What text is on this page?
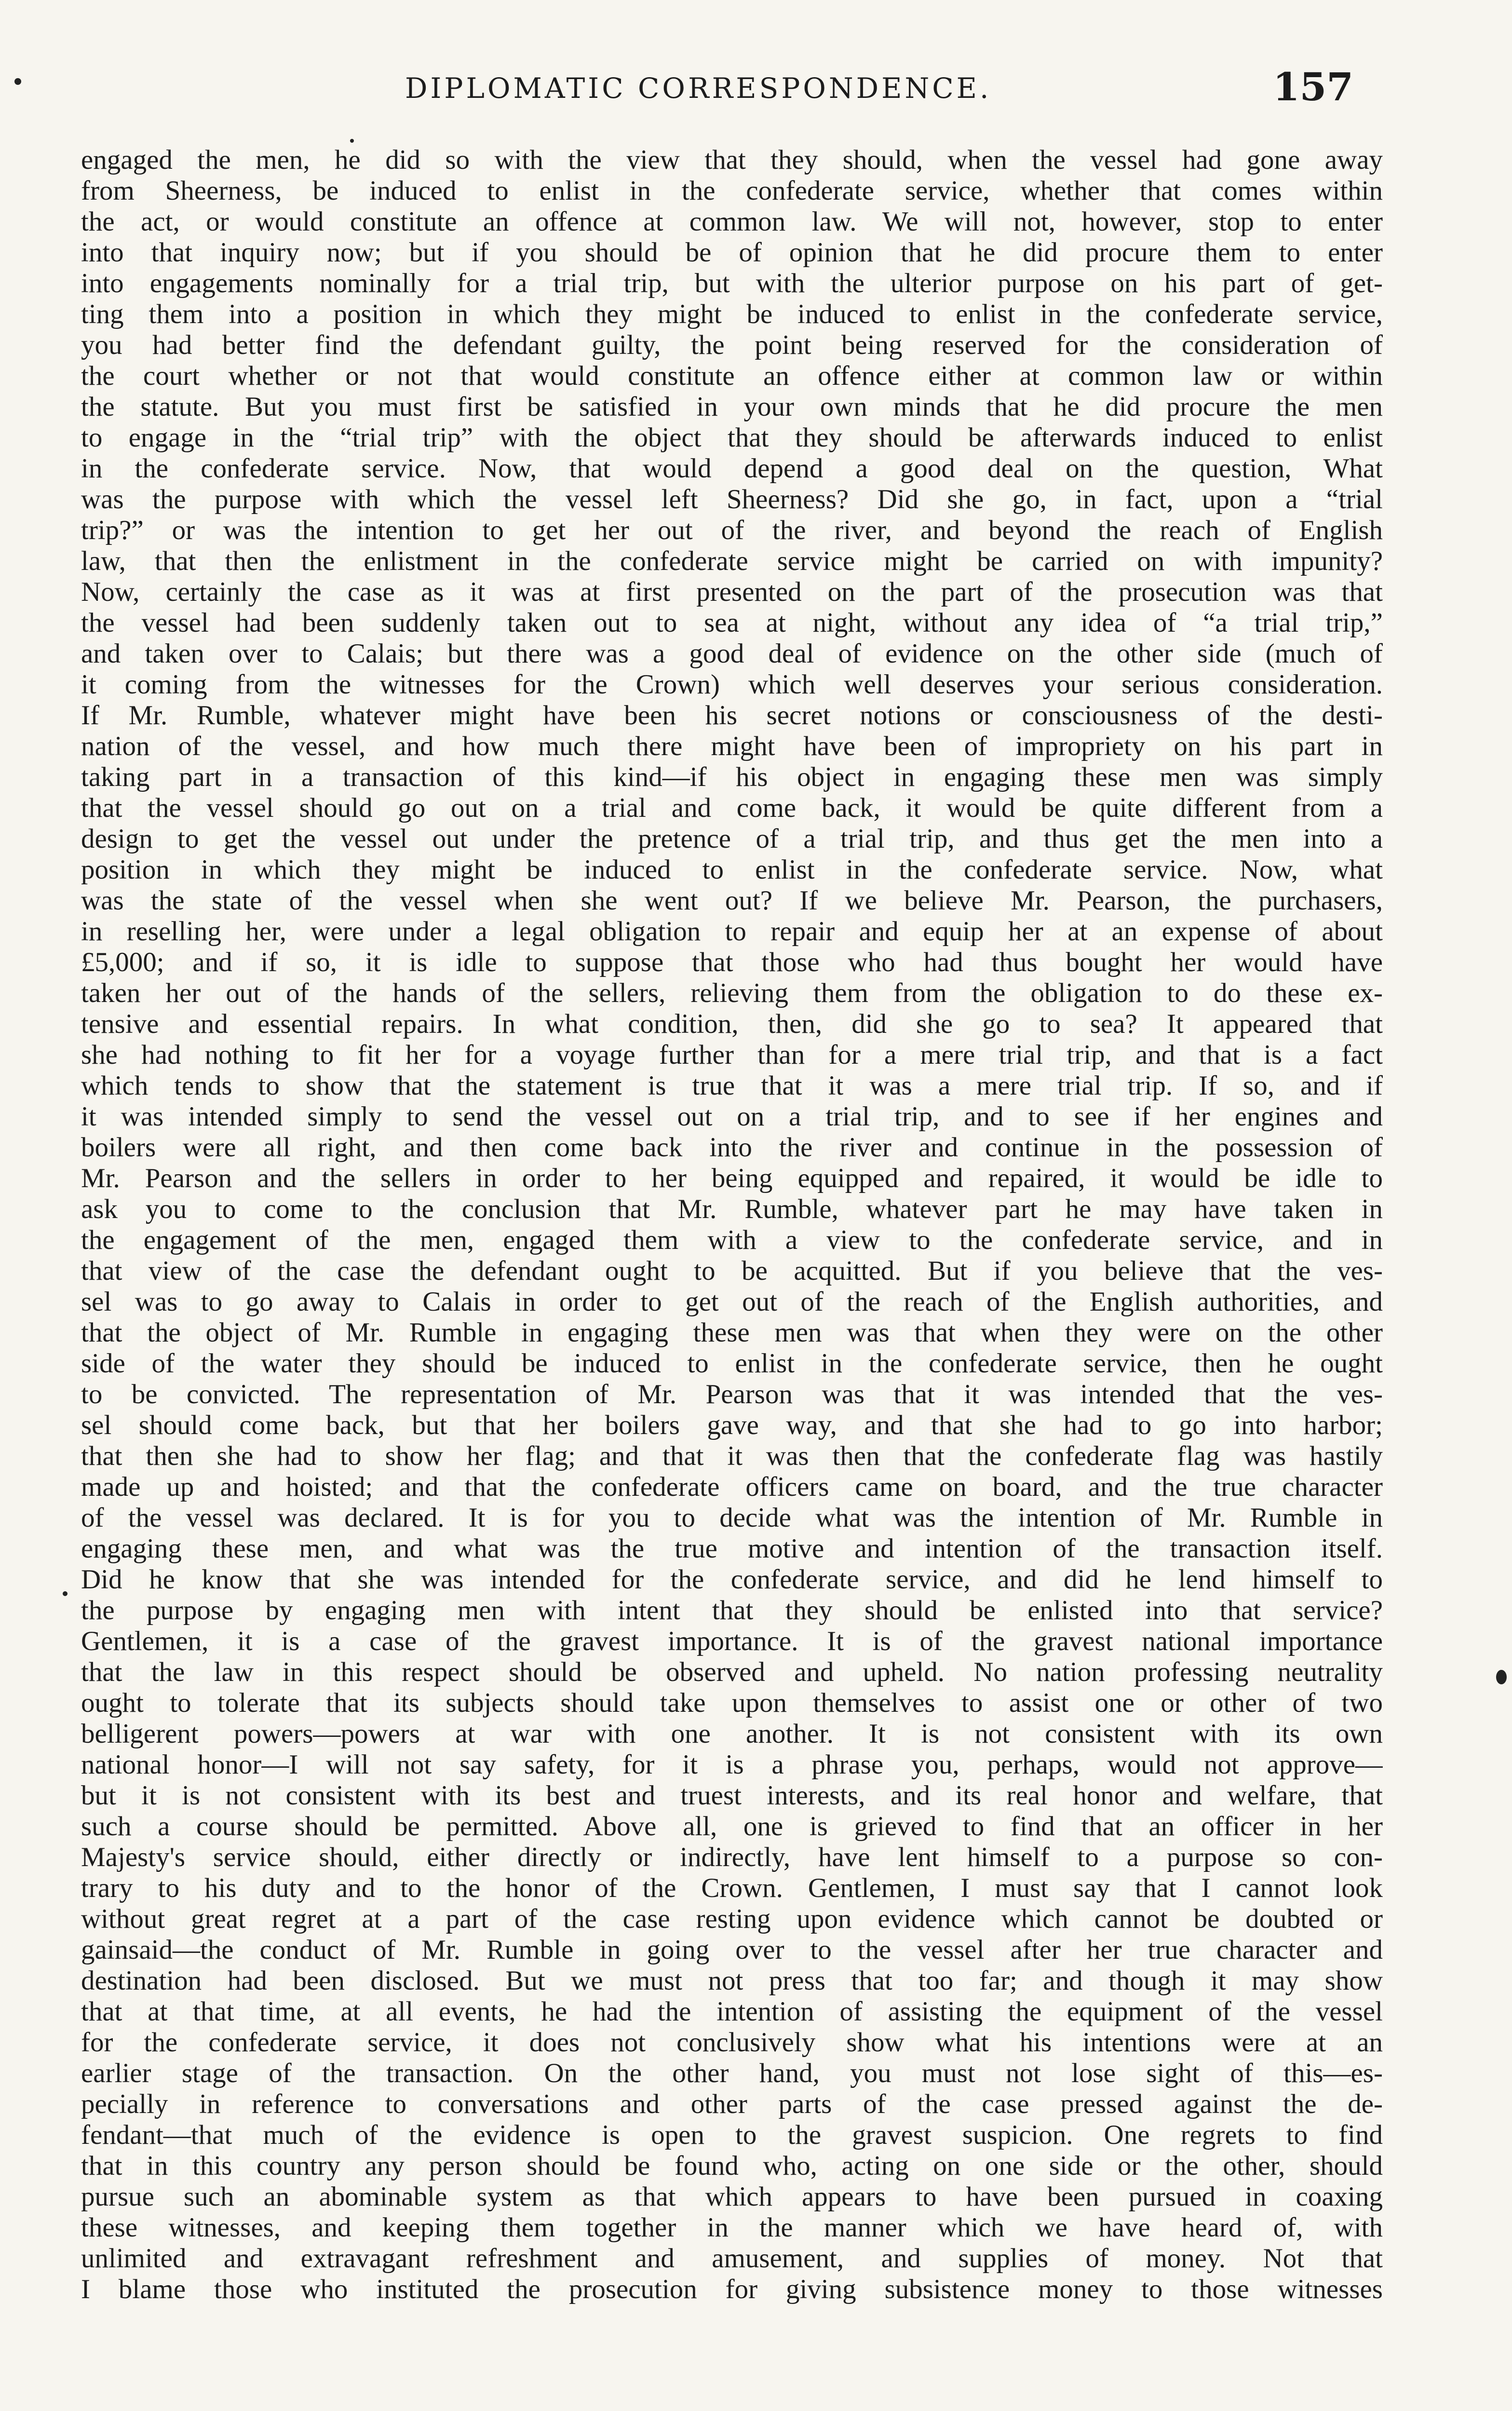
DIPLOMATIC CORRESPONDENCE.	157
engaged the men, he did so with the view that they should, when the vessel had gone away
from Sheerness, be induced to enlist in the confederate service, whether that comes within
the act, or would constitute an offence at common law. We will not, however, stop to enter
into that inquiry now; but if you should be of opinion that he did procure them to enter
into engagements nominally for a trial trip, but with the ulterior purpose on his part of get-
ting them into a position in which they might be induced to enlist in the confederate service,
you had better find the defendant guilty, the point being reserved for the consideration of
the court whether or not that would constitute an offence either at common law or within
the statute. But you must first be satisfied in your own minds that he did procure the men
to engage in the “trial trip” with the object that they should be afterwards induced to enlist
in the confederate service. Now, that would depend a good deal on the question, What
was the purpose with which the vessel left Sheerness? Did she go, in fact, upon a “trial
trip?” or was the intention to get her out of the river, and beyond the reach of English
law, that then the enlistment in the confederate service might be carried on with impunity?
Now, certainly the case as it was at first presented on the part of the prosecution was that
the vessel had been suddenly taken out to sea at night, without any idea of “a trial trip,”
and taken over to Calais; but there was a good deal of evidence on the other side (much of
it coming from the witnesses for the Crown) which well deserves your serious consideration.
If Mr. Rumble, whatever might have been his secret notions or consciousness of the desti-
nation of the vessel, and how much there might have been of impropriety on his part in
taking part in a transaction of this kind—if his object in engaging these men was simply
that the vessel should go out on a trial and come back, it would be quite different from a
design to get the vessel out under the pretence of a trial trip, and thus get the men into a
position in which they might be induced to enlist in the confederate service. Now, what
was the state of the vessel when she went out? If we believe Mr. Pearson, the purchasers,
in reselling her, were under a legal obligation to repair and equip her at an expense of about
£5,000; and if so, it is idle to suppose that those who had thus bought her would have
taken her out of the hands of the sellers, relieving them from the obligation to do these ex-
tensive and essential repairs. In what condition, then, did she go to sea? It appeared that
she had nothing to fit her for a voyage further than for a mere trial trip, and that is a fact
which tends to show that the statement is true that it was a mere trial trip. If so, and if
it was intended simply to send the vessel out on a trial trip, and to see if her engines and
boilers were all right, and then come back into the river and continue in the possession of
Mr. Pearson and the sellers in order to her being equipped and repaired, it would be idle to
ask you to come to the conclusion that Mr. Rumble, whatever part he may have taken in
the engagement of the men, engaged them with a view to the confederate service, and in
that view of the case the defendant ought to be acquitted. But if you believe that the ves-
sel was to go away to Calais in order to get out of the reach of the English authorities, and
that the object of Mr. Rumble in engaging these men was that when they were on the other
side of the water they should be induced to enlist in the confederate service, then he ought
to be convicted. The representation of Mr. Pearson was that it was intended that the ves-
sel should come back, but that her boilers gave way, and that she had to go into harbor;
that then she had to show her flag; and that it was then that the confederate flag was hastily
made up and hoisted; and that the confederate officers came on board, and the true character
of the vessel was declared. It is for you to decide what was the intention of Mr. Rumble in
engaging these men, and what was the true motive and intention of the transaction itself.
Did he know that she was intended for the confederate service, and did he lend himself to
the purpose by engaging men with intent that they should be enlisted into that service?
Gentlemen, it is a case of the gravest importance. It is of the gravest national importance
that the law in this respect should be observed and upheld. No nation professing neutrality
ought to tolerate that its subjects should take upon themselves to assist one or other of two
belligerent powers—powers at war with one another. It is not consistent with its own
national honor—I will not say safety, for it is a phrase you, perhaps, would not approve—
but it is not consistent with its best and truest interests, and its real honor and welfare, that
such a course should be permitted. Above all, one is grieved to find that an officer in her
Majesty's service should, either directly or indirectly, have lent himself to a purpose so con-
trary to his duty and to the honor of the Crown. Gentlemen, I must say that I cannot look
without great regret at a part of the case resting upon evidence which cannot be doubted or
gainsaid—the conduct of Mr. Rumble in going over to the vessel after her true character and
destination had been disclosed. But we must not press that too far; and though it may show
that at that time, at all events, he had the intention of assisting the equipment of the vessel
for the confederate service, it does not conclusively show what his intentions were at an
earlier stage of the transaction. On the other hand, you must not lose sight of this—es-
pecially in reference to conversations and other parts of the case pressed against the de-
fendant—that much of the evidence is open to the gravest suspicion. One regrets to find
that in this country any person should be found who, acting on one side or the other, should
pursue such an abominable system as that which appears to have been pursued in coaxing
these witnesses, and keeping them together in the manner which we have heard of, with
unlimited and extravagant refreshment and amusement, and supplies of money. Not that
I blame those who instituted the prosecution for giving subsistence money to those witnesses
